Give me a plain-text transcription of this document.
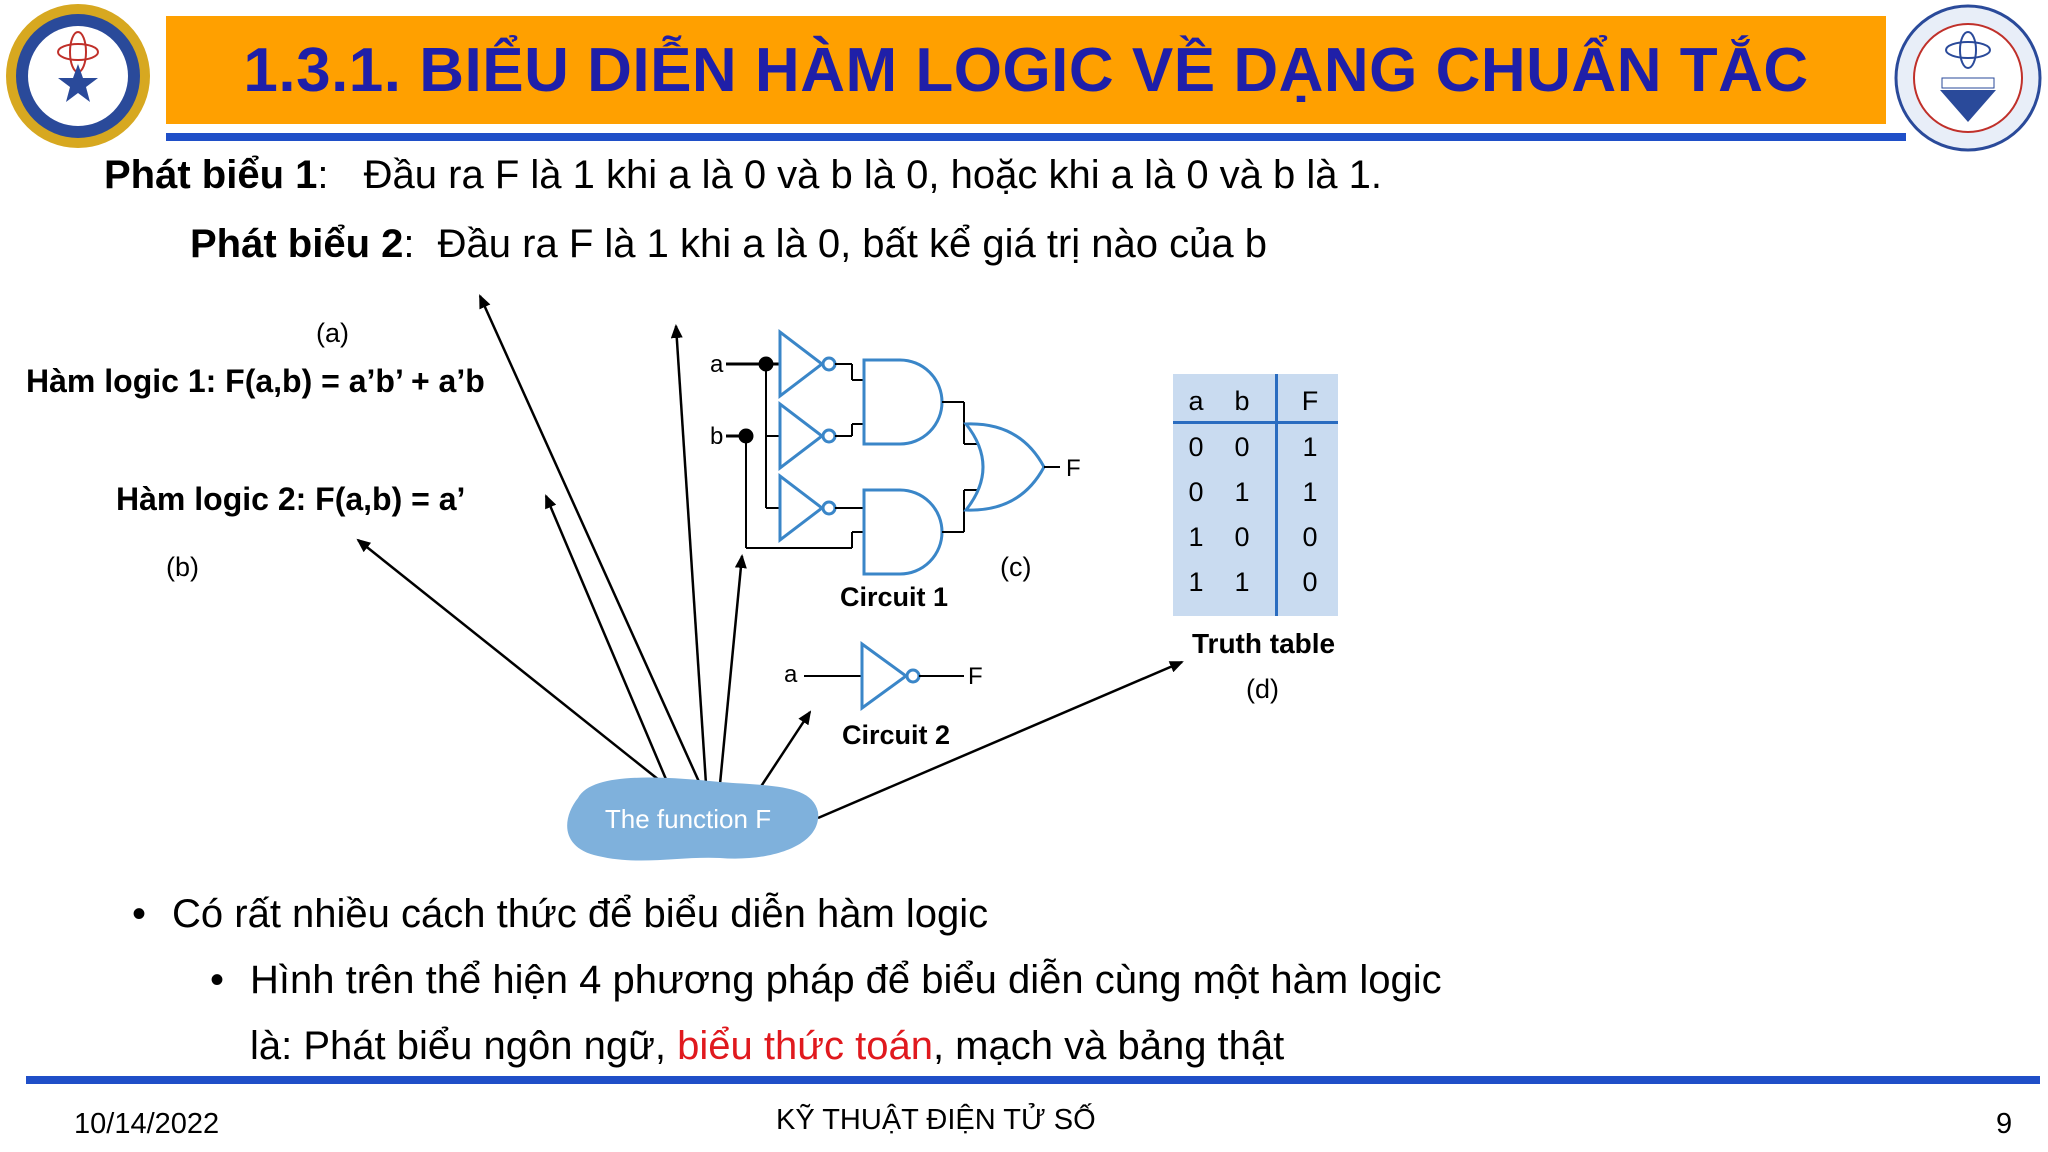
1.3.1. BIỂU DIỄN HÀM LOGIC VỀ DẠNG CHUẨN TẮC
Phát biểu 1: Đầu ra F là 1 khi a là 0 và b là 0, hoặc khi a là 0 và b là 1.
Phát biểu 2: Đầu ra F là 1 khi a là 0, bất kể giá trị nào của b
(a)
Hàm logic 1: F(a,b) = a’b’ + a’b
Hàm logic 2: F(a,b) = a’
(b)	(c)
(d)
The function F
a
b
F
Circuit 1
a	F
Circuit 2
a b F
0 0 1
0 1 1
1 0 0
1 1 0
Truth table
• Có rất nhiều cách thức để biểu diễn hàm logic
• Hình trên thể hiện 4 phương pháp để biểu diễn cùng một hàm logic
là: Phát biểu ngôn ngữ, biểu thức toán, mạch và bảng thật
10/14/2022	KỸ THUẬT ĐIỆN TỬ SỐ	9
